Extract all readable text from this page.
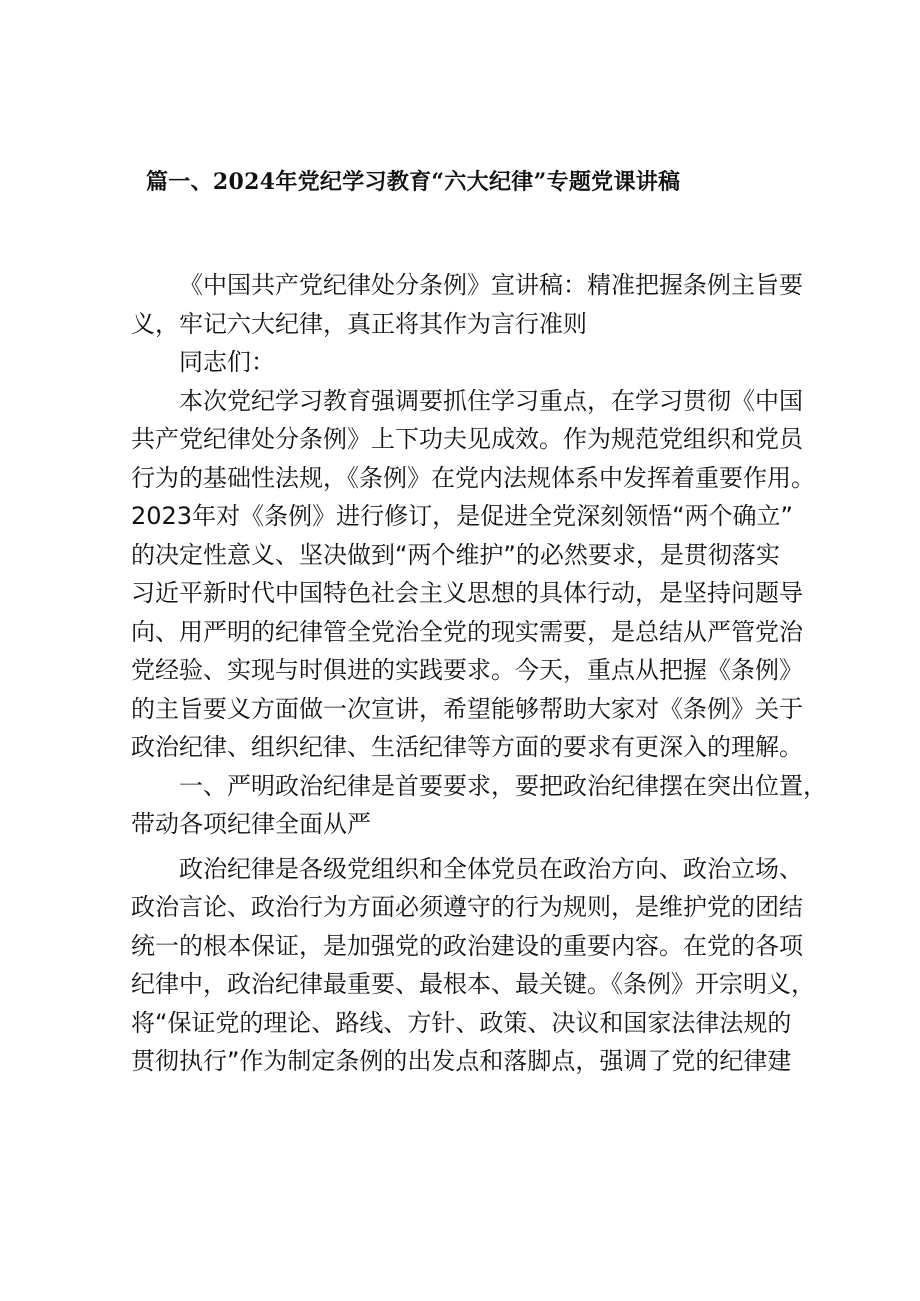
篇一、2024年党纪学习教育“六大纪律”专题党课讲稿
《中国共产党纪律处分条例》宣讲稿：精准把握条例主旨要
义，牢记六大纪律，真正将其作为言行准则
同志们：
本次党纪学习教育强调要抓住学习重点，在学习贯彻《中国
共产党纪律处分条例》上下功夫见成效。作为规范党组织和党员
行为的基础性法规，《条例》在党内法规体系中发挥着重要作用。
2023年对《条例》进行修订，是促进全党深刻领悟“两个确立”
的决定性意义、坚决做到“两个维护”的必然要求，是贯彻落实
习近平新时代中国特色社会主义思想的具体行动，是坚持问题导
向、用严明的纪律管全党治全党的现实需要，是总结从严管党治
党经验、实现与时俱进的实践要求。今天，重点从把握《条例》
的主旨要义方面做一次宣讲，希望能够帮助大家对《条例》关于
政治纪律、组织纪律、生活纪律等方面的要求有更深入的理解。
一、严明政治纪律是首要要求，要把政治纪律摆在突出位置，
带动各项纪律全面从严
政治纪律是各级党组织和全体党员在政治方向、政治立场、
政治言论、政治行为方面必须遵守的行为规则，是维护党的团结
统一的根本保证，是加强党的政治建设的重要内容。在党的各项
纪律中，政治纪律最重要、最根本、最关键。《条例》开宗明义，
将“保证党的理论、路线、方针、政策、决议和国家法律法规的
贯彻执行”作为制定条例的出发点和落脚点，强调了党的纪律建
